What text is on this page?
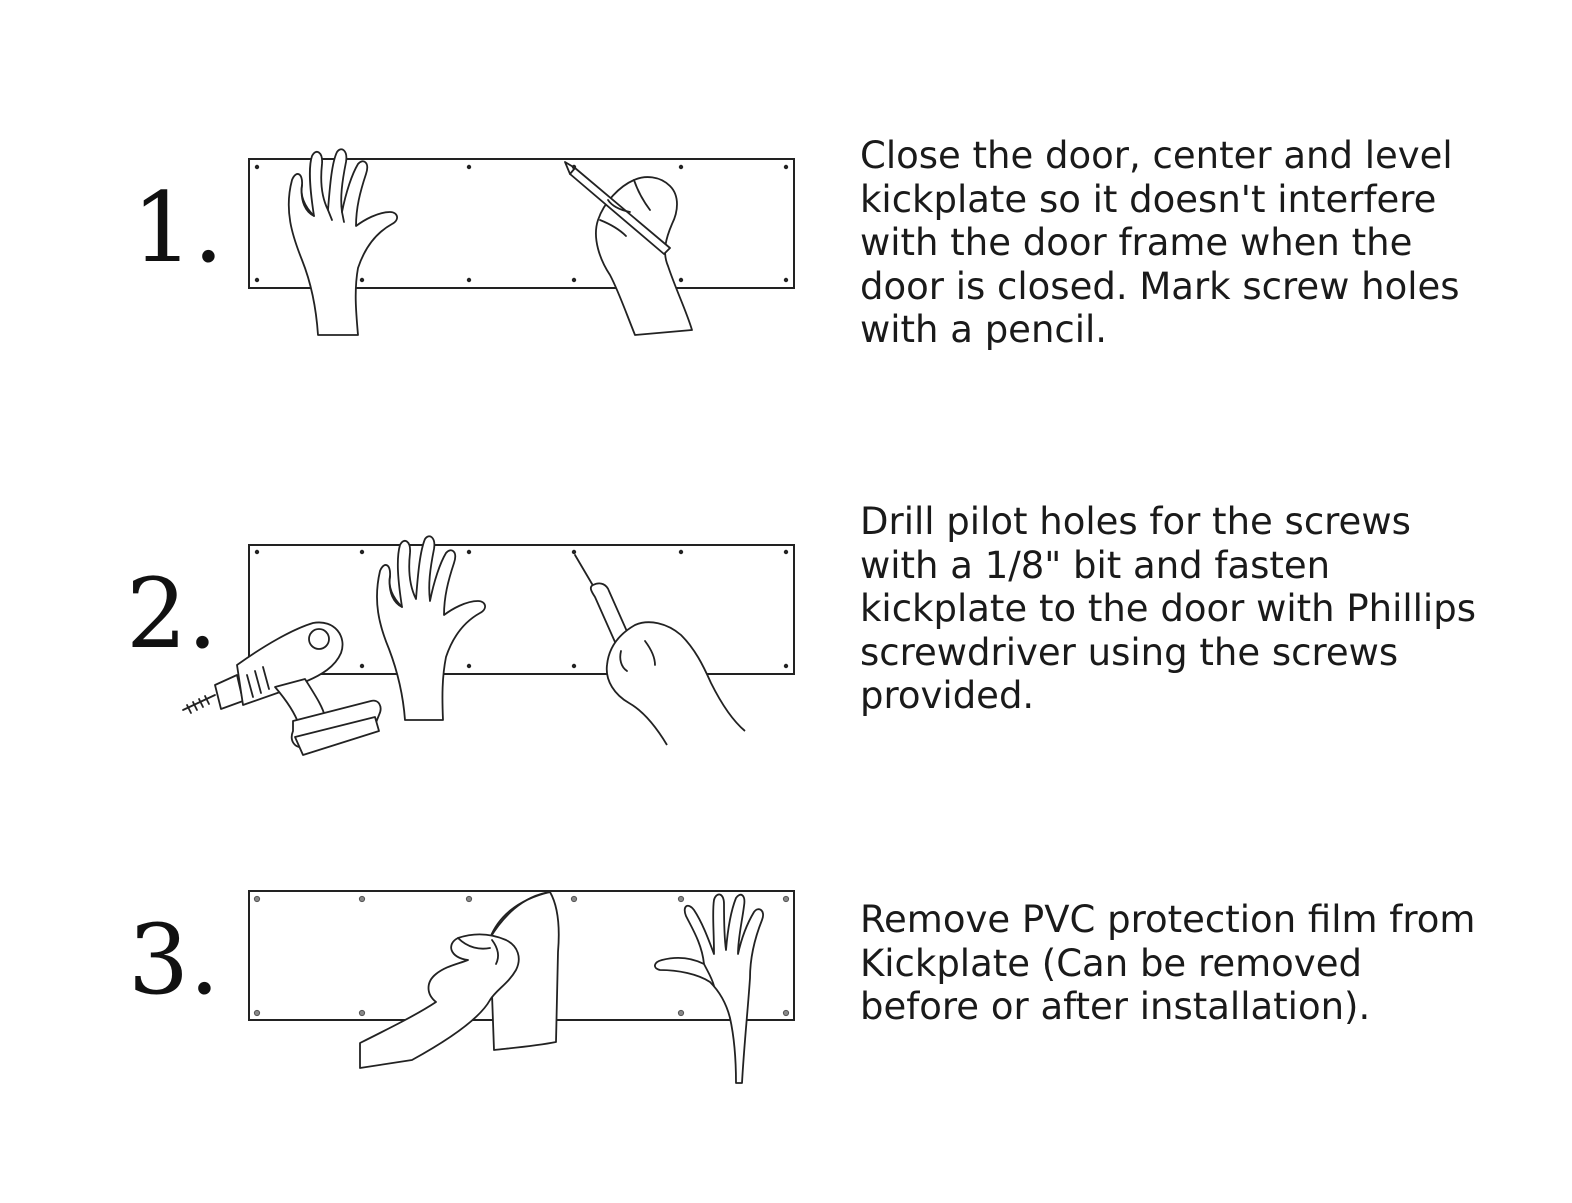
1.

Close the door, center and level
kickplate so it doesn't interfere
with the door frame when the
door is closed. Mark screw holes
with a pencil.

2.

Drill pilot holes for the screws
with a 1/8" bit and fasten
kickplate to the door with Phillips
screwdriver using the screws
provided.

3.	Remove PVC protection film from
Kickplate (Can be removed
before or after installation).
